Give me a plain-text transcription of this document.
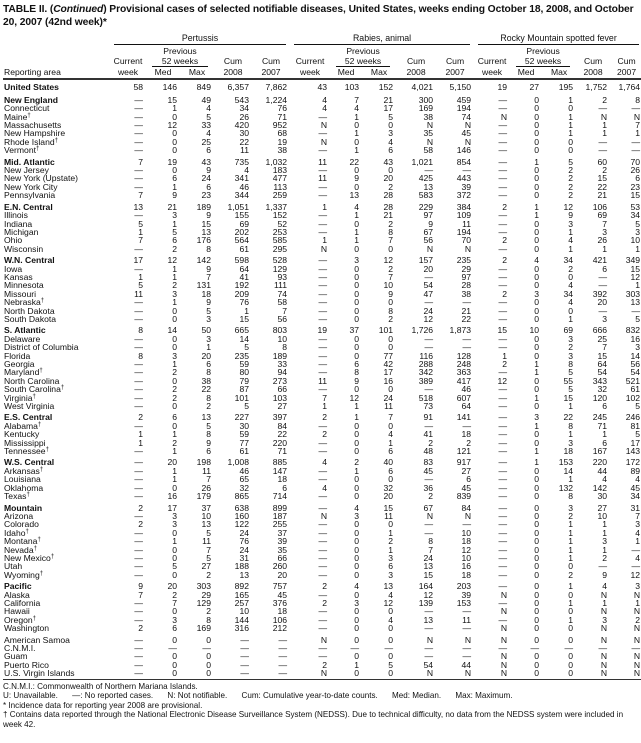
TABLE II. (Continued) Provisional cases of selected notifiable diseases, United States, weeks ending October 18, 2008, and October 20, 2007 (42nd week)*

	Pertussis					Rabies, animal					Rocky Mountain spotted fever				

		Previous					Previous					Previous			
	Current	52 weeks		Cum	Cum	Current	52 weeks		Cum	Cum	Current	52 weeks		Cum	Cum
Reporting area	week	Med	Max	2008	2007	week	Med	Max	2008	2007	week	Med	Max	2008	2007
United States	58	146	849	6,357	7,862	43	103	152	4,021	5,150	19	27	195	1,752	1,764
New England	—	15	49	543	1,224	4	7	21	300	459	—	0	1	2	8
Connecticut	—	1	4	34	76	4	4	17	169	194	—	0	0	—	—
Maine†	—	0	5	26	71	—	1	5	38	74	N	0	1	N	N
Massachusetts	—	12	33	420	952	N	0	0	N	N	—	0	1	1	7
New Hampshire	—	0	4	30	68	—	1	3	35	45	—	0	1	1	1
Rhode Island†	—	0	25	22	19	N	0	4	N	N	—	0	0	—	—
Vermont†	—	0	6	11	38	—	1	6	58	146	—	0	0	—	—
Mid. Atlantic	7	19	43	735	1,032	11	22	43	1,021	854	—	1	5	60	70
New Jersey	—	0	9	4	183	—	0	0	—	—	—	0	2	2	26
New York (Upstate)	—	6	24	341	477	11	9	20	425	443	—	0	2	15	6
New York City	—	1	6	46	113	—	0	2	13	39	—	0	2	22	23
Pennsylvania	7	9	23	344	259	—	13	28	583	372	—	0	2	21	15
E.N. Central	13	21	189	1,051	1,337	1	4	28	229	384	2	1	12	106	53
Illinois	—	3	9	155	152	—	1	21	97	109	—	1	9	69	34
Indiana	5	1	15	69	52	—	0	2	9	11	—	0	3	7	5
Michigan	1	5	13	202	253	—	1	8	67	194	—	0	1	3	3
Ohio	7	6	176	564	585	1	1	7	56	70	2	0	4	26	10
Wisconsin	—	2	8	61	295	N	0	0	N	N	—	0	1	1	1
W.N. Central	17	12	142	598	528	—	3	12	157	235	2	4	34	421	349
Iowa	—	1	9	64	129	—	0	2	20	29	—	0	2	6	15
Kansas	1	1	7	41	93	—	0	7	—	97	—	0	0	—	12
Minnesota	5	2	131	192	111	—	0	10	54	28	—	0	4	—	1
Missouri	11	3	18	209	74	—	0	9	47	38	2	3	34	392	303
Nebraska†	—	1	9	76	58	—	0	0	—	—	—	0	4	20	13
North Dakota	—	0	5	1	7	—	0	8	24	21	—	0	0	—	—
South Dakota	—	0	3	15	56	—	0	2	12	22	—	0	1	3	5
S. Atlantic	8	14	50	665	803	19	37	101	1,726	1,873	15	10	69	666	832
Delaware	—	0	3	14	10	—	0	0	—	—	—	0	3	25	16
District of Columbia	—	0	1	5	8	—	0	0	—	—	—	0	2	7	3
Florida	8	3	20	235	189	—	0	77	116	128	1	0	3	15	14
Georgia	—	1	6	59	33	—	6	42	288	248	2	1	8	64	56
Maryland†	—	2	8	80	94	—	8	17	342	363	—	1	5	54	54
North Carolina	—	0	38	79	273	11	9	16	389	417	12	0	55	343	521
South Carolina†	—	2	22	87	66	—	0	0	—	46	—	0	5	32	61
Virginia†	—	2	8	101	103	7	12	24	518	607	—	1	15	120	102
West Virginia	—	0	2	5	27	1	1	11	73	64	—	0	1	6	5
E.S. Central	2	6	13	227	397	2	1	7	91	141	—	3	22	245	246
Alabama†	—	0	5	30	84	—	0	0	—	—	—	1	8	71	81
Kentucky	1	1	8	59	22	2	0	4	41	18	—	0	1	1	5
Mississippi	1	2	9	77	220	—	0	1	2	2	—	0	3	6	17
Tennessee†	—	1	6	61	71	—	0	6	48	121	—	1	18	167	143
W.S. Central	—	20	198	1,008	885	4	2	40	83	917	—	1	153	220	172
Arkansas†	—	1	11	46	147	—	1	6	45	27	—	0	14	44	89
Louisiana	—	1	7	65	18	—	0	0	—	6	—	0	1	4	4
Oklahoma	—	0	26	32	6	4	0	32	36	45	—	0	132	142	45
Texas†	—	16	179	865	714	—	0	20	2	839	—	0	8	30	34
Mountain	2	17	37	638	899	—	4	15	67	84	—	0	3	27	31
Arizona	—	3	10	160	187	N	3	11	N	N	—	0	2	10	7
Colorado	2	3	13	122	255	—	0	0	—	—	—	0	1	1	3
Idaho†	—	0	5	24	37	—	0	1	—	10	—	0	1	1	4
Montana†	—	1	11	76	39	—	0	2	8	18	—	0	1	3	1
Nevada†	—	0	7	24	35	—	0	1	7	12	—	0	1	1	—
New Mexico†	—	0	5	31	66	—	0	3	24	10	—	0	1	2	4
Utah	—	5	27	188	260	—	0	6	13	16	—	0	0	—	—
Wyoming†	—	0	2	13	20	—	0	3	15	18	—	0	2	9	12
Pacific	9	20	303	892	757	2	4	13	164	203	—	0	1	4	3
Alaska	7	2	29	165	45	—	0	4	12	39	N	0	0	N	N
California	—	7	129	257	376	2	3	12	139	153	—	0	1	1	1
Hawaii	—	0	2	10	18	—	0	0	—	—	N	0	0	N	N
Oregon†	—	3	8	144	106	—	0	4	13	11	—	0	1	3	2
Washington	2	6	169	316	212	—	0	0	—	—	N	0	0	N	N
American Samoa	—	0	0	—	—	N	0	0	N	N	N	0	0	N	N
C.N.M.I.	—	—	—	—	—	—	—	—	—	—	—	—	—	—	—
Guam	—	0	0	—	—	—	0	0	—	—	N	0	0	N	N
Puerto Rico	—	0	0	—	—	2	1	5	54	44	N	0	0	N	N
U.S. Virgin Islands	—	0	0	—	—	N	0	0	N	N	N	0	0	N	N
C.N.M.I.: Commonwealth of Northern Mariana Islands.
U: Unavailable. —: No reported cases. N: Not notifiable. Cum: Cumulative year-to-date counts. Med: Median. Max: Maximum.
* Incidence data for reporting year 2008 are provisional.
† Contains data reported through the National Electronic Disease Surveillance System (NEDSS). Due to technical difficulty, no data from the NEDSS system were included in week 42.
